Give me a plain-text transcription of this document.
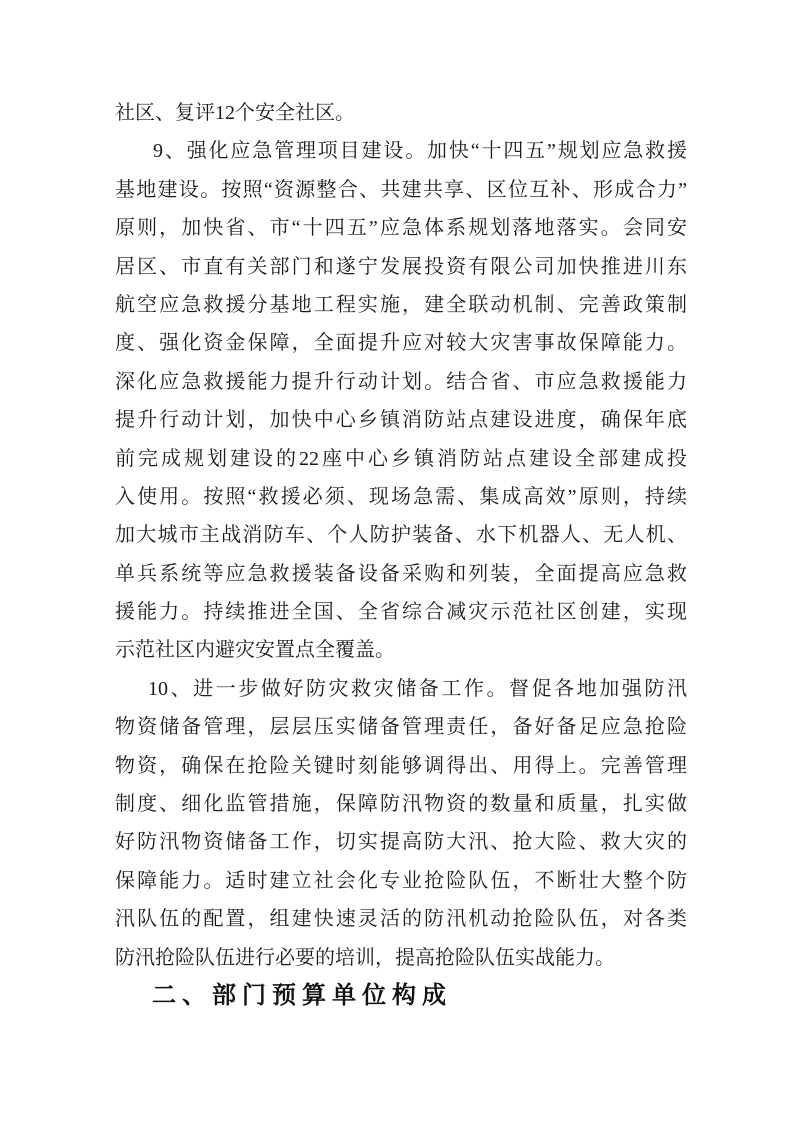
社区、复评12个安全社区。
9、强化应急管理项目建设。加快“十四五”规划应急救援
基地建设。按照“资源整合、共建共享、区位互补、形成合力”
原则，加快省、市“十四五”应急体系规划落地落实。会同安
居区、市直有关部门和遂宁发展投资有限公司加快推进川东
航空应急救援分基地工程实施，建全联动机制、完善政策制
度、强化资金保障，全面提升应对较大灾害事故保障能力。
深化应急救援能力提升行动计划。结合省、市应急救援能力
提升行动计划，加快中心乡镇消防站点建设进度，确保年底
前完成规划建设的22座中心乡镇消防站点建设全部建成投
入使用。按照“救援必须、现场急需、集成高效”原则，持续
加大城市主战消防车、个人防护装备、水下机器人、无人机、
单兵系统等应急救援装备设备采购和列装，全面提高应急救
援能力。持续推进全国、全省综合减灾示范社区创建，实现
示范社区内避灾安置点全覆盖。
10、进一步做好防灾救灾储备工作。督促各地加强防汛
物资储备管理，层层压实储备管理责任，备好备足应急抢险
物资，确保在抢险关键时刻能够调得出、用得上。完善管理
制度、细化监管措施，保障防汛物资的数量和质量，扎实做
好防汛物资储备工作，切实提高防大汛、抢大险、救大灾的
保障能力。适时建立社会化专业抢险队伍，不断壮大整个防
汛队伍的配置，组建快速灵活的防汛机动抢险队伍，对各类
防汛抢险队伍进行必要的培训，提高抢险队伍实战能力。
二、部门预算单位构成
